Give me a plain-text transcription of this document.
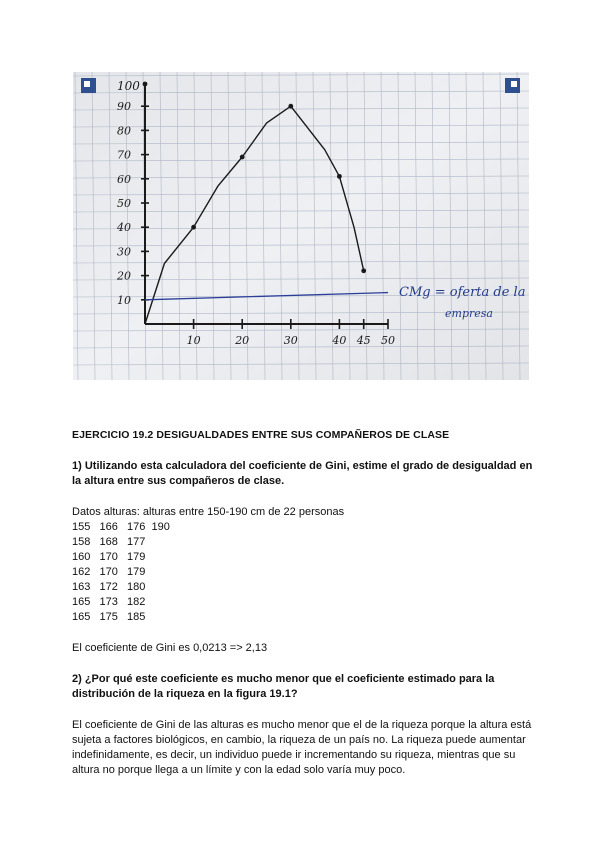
90
80
70
60
50
40
30
20
10
100
10	20	30	40 45 50
CMg = oferta de la
empresa

EJERCICIO 19.2 DESIGUALDADES ENTRE SUS COMPAÑEROS DE CLASE

1) Utilizando esta calculadora del coeficiente de Gini, estime el grado de desigualdad en la altura entre sus compañeros de clase.

Datos alturas: alturas entre 150-190 cm de 22 personas

155   166   176  190
158   168   177
160   170   179
162   170   179
163   172   180
165   173   182
165   175   185

El coeficiente de Gini es 0,0213 => 2,13

2) ¿Por qué este coeficiente es mucho menor que el coeficiente estimado para la distribución de la riqueza en la figura 19.1?

El coeficiente de Gini de las alturas es mucho menor que el de la riqueza porque la altura está sujeta a factores biológicos, en cambio, la riqueza de un país no. La riqueza puede aumentar indefinidamente, es decir, un individuo puede ir incrementando su riqueza, mientras que su altura no porque llega a un límite y con la edad solo varía muy poco.
